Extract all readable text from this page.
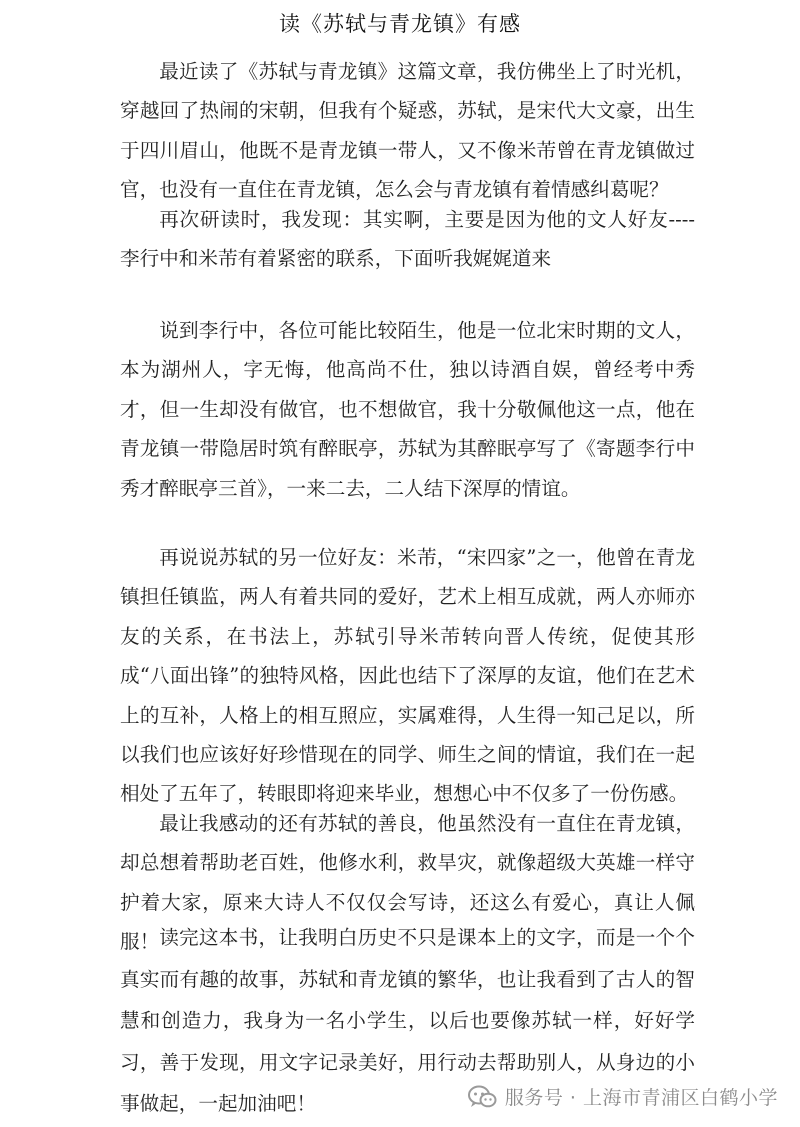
读《苏轼与青龙镇》有感

最近读了《苏轼与青龙镇》这篇文章，我仿佛坐上了时光机，穿越回了热闹的宋朝，但我有个疑惑，苏轼，是宋代大文豪，出生于四川眉山，他既不是青龙镇一带人，又不像米芾曾在青龙镇做过官，也没有一直住在青龙镇，怎么会与青龙镇有着情感纠葛呢？

再次研读时，我发现：其实啊，主要是因为他的文人好友----李行中和米芾有着紧密的联系，下面听我娓娓道来

说到李行中，各位可能比较陌生，他是一位北宋时期的文人，本为湖州人，字无悔，他高尚不仕，独以诗酒自娱，曾经考中秀才，但一生却没有做官，也不想做官，我十分敬佩他这一点，他在青龙镇一带隐居时筑有醉眠亭，苏轼为其醉眠亭写了《寄题李行中秀才醉眠亭三首》，一来二去，二人结下深厚的情谊。

再说说苏轼的另一位好友：米芾，“宋四家”之一，他曾在青龙镇担任镇监，两人有着共同的爱好，艺术上相互成就，两人亦师亦友的关系，在书法上，苏轼引导米芾转向晋人传统，促使其形成“八面出锋”的独特风格，因此也结下了深厚的友谊，他们在艺术上的互补，人格上的相互照应，实属难得，人生得一知己足以，所以我们也应该好好珍惜现在的同学、师生之间的情谊，我们在一起相处了五年了，转眼即将迎来毕业，想想心中不仅多了一份伤感。

最让我感动的还有苏轼的善良，他虽然没有一直住在青龙镇，却总想着帮助老百姓，他修水利，救旱灾，就像超级大英雄一样守护着大家，原来大诗人不仅仅会写诗，还这么有爱心，真让人佩服！ 读完这本书，让我明白历史不只是课本上的文字，而是一个个真实而有趣的故事，苏轼和青龙镇的繁华，也让我看到了古人的智慧和创造力，我身为一名小学生，以后也要像苏轼一样，好好学习，善于发现，用文字记录美好，用行动去帮助别人，从身边的小事做起，一起加油吧！	服务号 · 上海市青浦区白鹤小学
